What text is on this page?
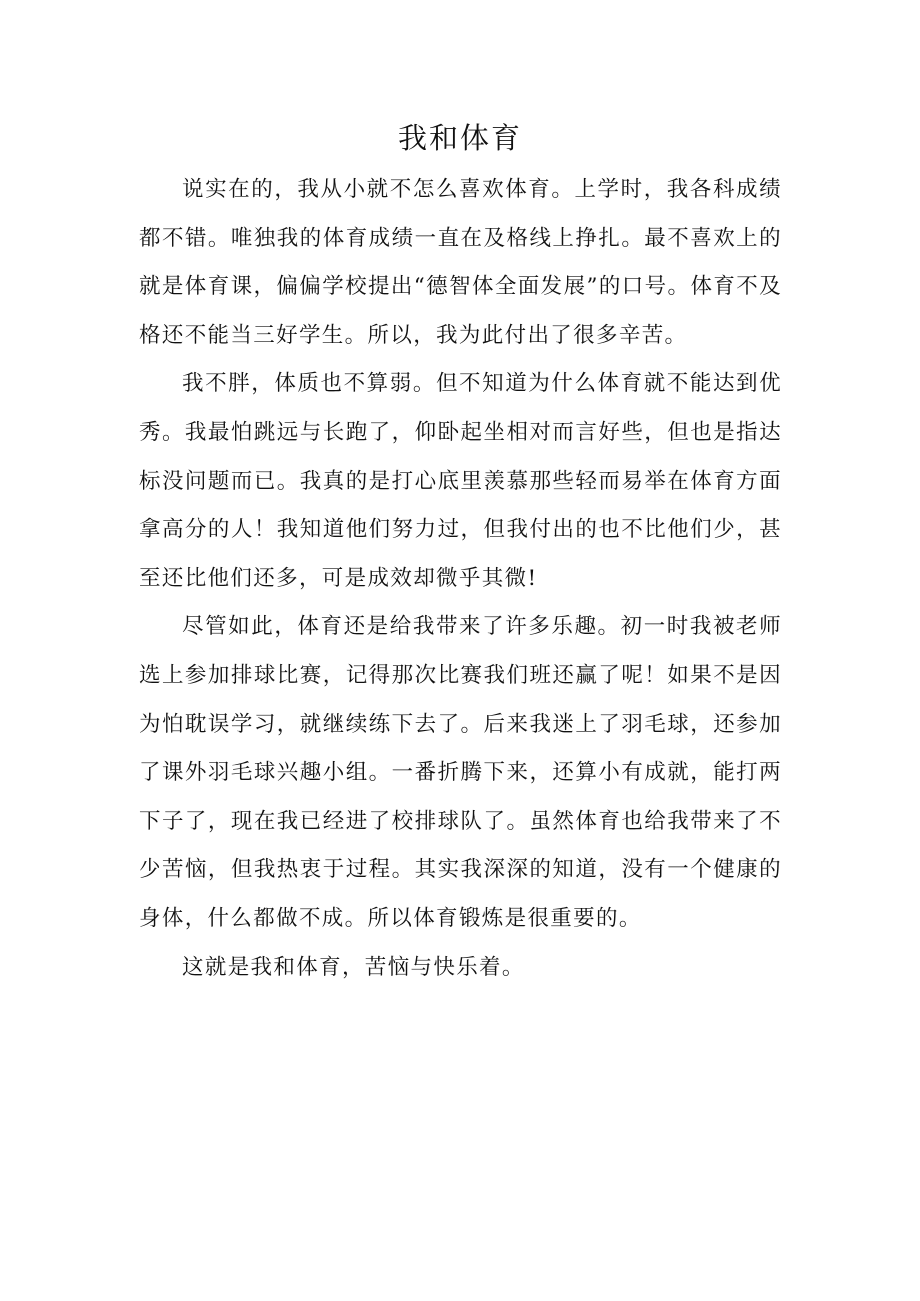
我和体育

说实在的，我从小就不怎么喜欢体育。上学时，我各科成绩都不错。唯独我的体育成绩一直在及格线上挣扎。最不喜欢上的就是体育课，偏偏学校提出“德智体全面发展”的口号。体育不及格还不能当三好学生。所以，我为此付出了很多辛苦。

我不胖，体质也不算弱。但不知道为什么体育就不能达到优秀。我最怕跳远与长跑了，仰卧起坐相对而言好些，但也是指达标没问题而已。我真的是打心底里羡慕那些轻而易举在体育方面拿高分的人！我知道他们努力过，但我付出的也不比他们少，甚至还比他们还多，可是成效却微乎其微!

尽管如此，体育还是给我带来了许多乐趣。初一时我被老师选上参加排球比赛，记得那次比赛我们班还赢了呢！如果不是因为怕耽误学习，就继续练下去了。后来我迷上了羽毛球，还参加了课外羽毛球兴趣小组。一番折腾下来，还算小有成就，能打两下子了，现在我已经进了校排球队了。虽然体育也给我带来了不少苦恼，但我热衷于过程。其实我深深的知道，没有一个健康的身体，什么都做不成。所以体育锻炼是很重要的。

这就是我和体育，苦恼与快乐着。
